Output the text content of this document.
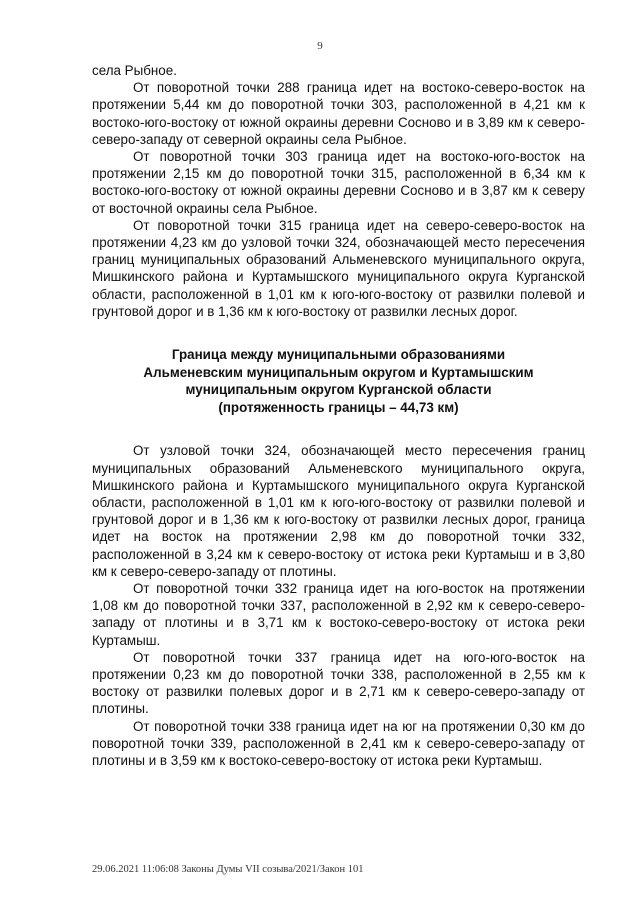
9

села Рыбное.

От поворотной точки 288 граница идет на востоко-северо-восток на протяжении 5,44 км до поворотной точки 303, расположенной в 4,21 км к востоко-юго-востоку от южной окраины деревни Сосново и в 3,89 км к северо-северо-западу от северной окраины села Рыбное.

От поворотной точки 303 граница идет на востоко-юго-восток на протяжении 2,15 км до поворотной точки 315, расположенной в 6,34 км к востоко-юго-востоку от южной окраины деревни Сосново и в 3,87 км к северу от восточной окраины села Рыбное.

От поворотной точки 315 граница идет на северо-северо-восток на протяжении 4,23 км до узловой точки 324, обозначающей место пересечения границ муниципальных образований Альменевского муниципального округа, Мишкинского района и Куртамышского муниципального округа Курганской области, расположенной в 1,01 км к юго-юго-востоку от развилки полевой и грунтовой дорог и в 1,36 км к юго-востоку от развилки лесных дорог.

Граница между муниципальными образованиями
Альменевским муниципальным округом и Куртамышским
муниципальным округом Курганской области
(протяженность границы – 44,73 км)

От узловой точки 324, обозначающей место пересечения границ муниципальных образований Альменевского муниципального округа, Мишкинского района и Куртамышского муниципального округа Курганской области, расположенной в 1,01 км к юго-юго-востоку от развилки полевой и грунтовой дорог и в 1,36 км к юго-востоку от развилки лесных дорог, граница идет на восток на протяжении 2,98 км до поворотной точки 332, расположенной в 3,24 км к северо-востоку от истока реки Куртамыш и в 3,80 км к северо-северо-западу от плотины.

От поворотной точки 332 граница идет на юго-восток на протяжении 1,08 км до поворотной точки 337, расположенной в 2,92 км к северо-северо-западу от плотины и в 3,71 км к востоко-северо-востоку от истока реки Куртамыш.

От поворотной точки 337 граница идет на юго-юго-восток на протяжении 0,23 км до поворотной точки 338, расположенной в 2,55 км к востоку от развилки полевых дорог и в 2,71 км к северо-северо-западу от плотины.

От поворотной точки 338 граница идет на юг на протяжении 0,30 км до поворотной точки 339, расположенной в 2,41 км к северо-северо-западу от плотины и в 3,59 км к востоко-северо-востоку от истока реки Куртамыш.

29.06.2021 11:06:08 Законы Думы VII созыва/2021/Закон 101
